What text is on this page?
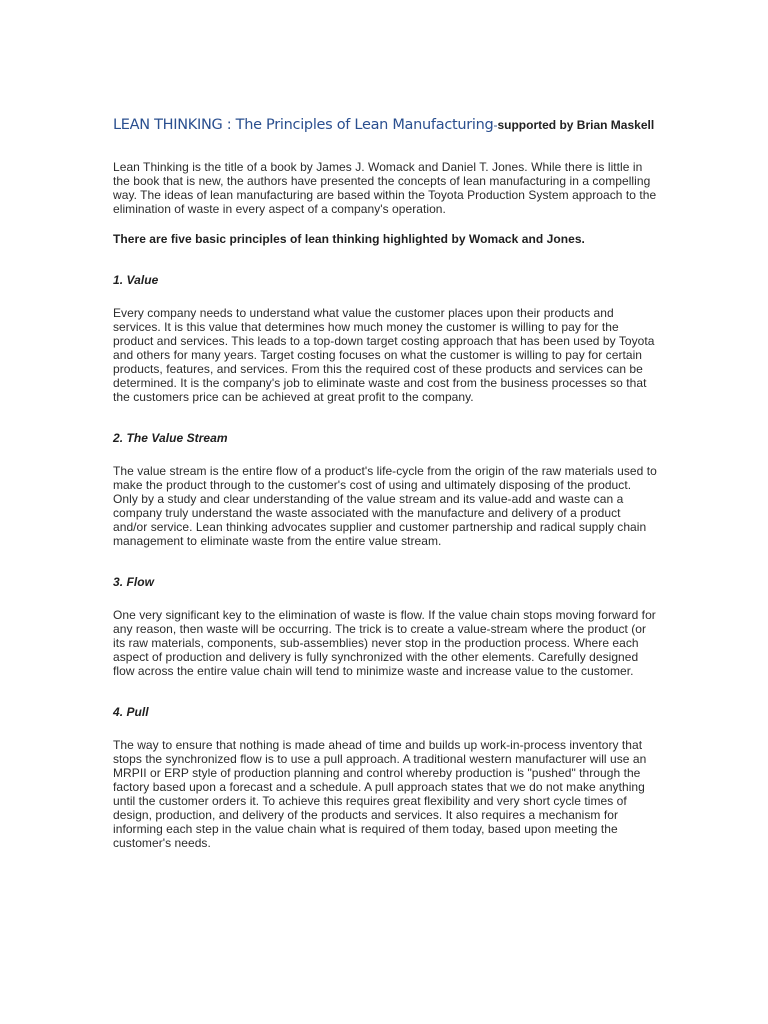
LEAN THINKING : The Principles of Lean Manufacturing-supported by Brian Maskell

Lean Thinking is the title of a book by James J. Womack and Daniel T. Jones. While there is little in the book that is new, the authors have presented the concepts of lean manufacturing in a compelling way. The ideas of lean manufacturing are based within the Toyota Production System approach to the elimination of waste in every aspect of a company's operation.

There are five basic principles of lean thinking highlighted by Womack and Jones.

1. Value

Every company needs to understand what value the customer places upon their products and services. It is this value that determines how much money the customer is willing to pay for the product and services. This leads to a top-down target costing approach that has been used by Toyota and others for many years. Target costing focuses on what the customer is willing to pay for certain products, features, and services. From this the required cost of these products and services can be determined. It is the company's job to eliminate waste and cost from the business processes so that the customers price can be achieved at great profit to the company.

2. The Value Stream

The value stream is the entire flow of a product's life-cycle from the origin of the raw materials used to make the product through to the customer's cost of using and ultimately disposing of the product. Only by a study and clear understanding of the value stream and its value-add and waste can a company truly understand the waste associated with the manufacture and delivery of a product and/or service. Lean thinking advocates supplier and customer partnership and radical supply chain management to eliminate waste from the entire value stream.

3. Flow

One very significant key to the elimination of waste is flow. If the value chain stops moving forward for any reason, then waste will be occurring. The trick is to create a value-stream where the product (or its raw materials, components, sub-assemblies) never stop in the production process. Where each aspect of production and delivery is fully synchronized with the other elements. Carefully designed flow across the entire value chain will tend to minimize waste and increase value to the customer.

4. Pull

The way to ensure that nothing is made ahead of time and builds up work-in-process inventory that stops the synchronized flow is to use a pull approach. A traditional western manufacturer will use an MRPII or ERP style of production planning and control whereby production is "pushed" through the factory based upon a forecast and a schedule. A pull approach states that we do not make anything until the customer orders it. To achieve this requires great flexibility and very short cycle times of design, production, and delivery of the products and services. It also requires a mechanism for informing each step in the value chain what is required of them today, based upon meeting the customer's needs.
